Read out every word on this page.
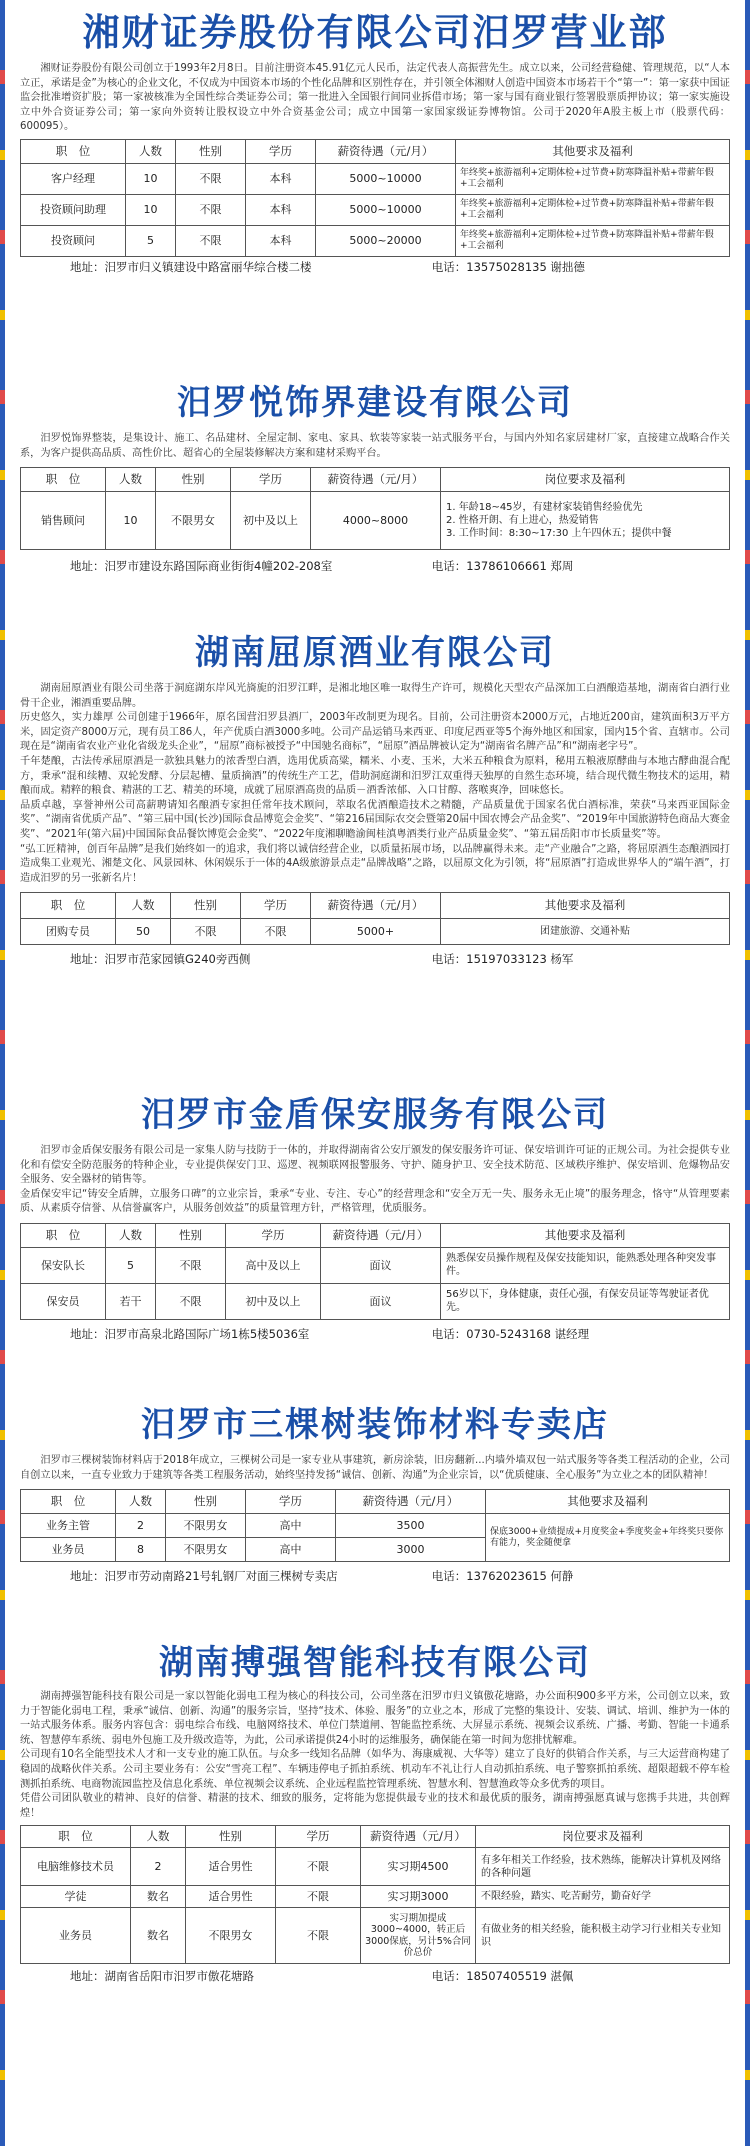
湘财证券股份有限公司汨罗营业部
湘财证券股份有限公司创立于1993年2月8日。目前注册资本45.91亿元人民币，法定代表人高振营先生。成立以来，公司经营稳健、管理规范，以“人本立正，承诺是金”为核心的企业文化，不仅成为中国资本市场的个性化品牌和区别性存在，并引领全体湘财人创造中国资本市场若干个“第一”：第一家获中国证监会批准增资扩股；第一家被核准为全国性综合类证券公司；第一批进入全国银行间同业拆借市场；第一家与国有商业银行签署股票质押协议；第一家实施设立中外合资证券公司；第一家向外资转让股权设立中外合资基金公司；成立中国第一家国家级证券博物馆。公司于2020年A股主板上市（股票代码：600095）。
职　位	人数	性别	学历	薪资待遇（元/月）	其他要求及福利
客户经理	10	不限	本科	5000~10000	年终奖+旅游福利+定期体检+过节费+防寒降温补贴+带薪年假+工会福利
投资顾问助理	10	不限	本科	5000~10000	年终奖+旅游福利+定期体检+过节费+防寒降温补贴+带薪年假+工会福利
投资顾问	5	不限	本科	5000~20000	年终奖+旅游福利+定期体检+过节费+防寒降温补贴+带薪年假+工会福利
地址：汨罗市归义镇建设中路富丽华综合楼二楼	电话：13575028135 谢拙德
汨罗悦饰界建设有限公司
汨罗悦饰界整装，是集设计、施工、名品建材、全屋定制、家电、家具、软装等家装一站式服务平台，与国内外知名家居建材厂家，直接建立战略合作关系，为客户提供高品质、高性价比、超省心的全屋装修解决方案和建材采购平台。
职　位	人数	性别	学历	薪资待遇（元/月）	岗位要求及福利
销售顾问	10	不限男女	初中及以上	4000~8000	1. 年龄18~45岁，有建材家装销售经验优先
2. 性格开朗、有上进心，热爱销售
3. 工作时间：8:30~17:30 上午四休五；提供中餐
地址：汨罗市建设东路国际商业街街4幢202-208室	电话：13786106661 郑周
湖南屈原酒业有限公司
湖南屈原酒业有限公司坐落于洞庭湖东岸风光旖旎的汨罗江畔，是湘北地区唯一取得生产许可，规模化天型农产品深加工白酒酿造基地，湖南省白酒行业骨干企业，湘酒重要品牌。
历史悠久，实力雄厚 公司创建于1966年，原名国营汨罗县酒厂，2003年改制更为现名。目前，公司注册资本2000万元，占地近200亩，建筑面积3万平方米，固定资产8000万元，现有员工86人，年产优质白酒3000多吨。公司产品运销马来西亚、印度尼西亚等5个海外地区和国家，国内15个省、直辖市。公司现在是“湖南省农业产业化省级龙头企业”，“屈原”商标被授予“中国驰名商标”，“屈原”酒品牌被认定为“湖南省名牌产品”和“湖南老字号”。
千年楚酿，古法传承屈原酒是一款独具魅力的浓香型白酒，选用优质高粱，糯米、小麦、玉米，大米五种粮食为原料，秘用五粮液原酵曲与本地古酵曲混合配方，秉承“混和续糟、双轮发酵、分层起槽、量质摘酒”的传统生产工艺，借助洞庭湖和汨罗江双重得天独厚的自然生态环境，结合现代微生物技术的运用，精酿而成。精粹的粮食、精湛的工艺、精美的环境，成就了屈原酒高贵的品质－酒香浓郁、入口甘醇、落喉爽净，回味悠长。
品质卓越，享誉神州公司高薪聘请知名酿酒专家担任常年技术顾问，萃取名优酒酿造技术之精髓，产品质量优于国家名优白酒标准，荣获“马来西亚国际金奖”、“湖南省优质产品”、“第三届中国(长沙)国际食品博览会金奖”、“第216届国际农交会暨第20届中国农博会产品金奖”、“2019年中国旅游特色商品大赛金奖”、“2021年(第六届)中国国际食品餐饮博览会金奖”、“2022年度湘聊瞻渝闽桂滇粤酒类行业产品质量金奖”、“第五届岳阳市市长质量奖”等。
“弘工匠精神，创百年品牌”是我们始终如一的追求，我们将以诚信经营企业，以质量拓展市场，以品牌赢得未来。走“产业融合”之路，将屈原酒生态酿酒园打造成集工业观光、湘楚文化、风景园林、休闲娱乐于一体的4A级旅游景点走“品牌战略”之路，以屈原文化为引领，将“屈原酒”打造成世界华人的“端午酒”，打造成汨罗的另一张新名片！
职　位	人数	性别	学历	薪资待遇（元/月）	其他要求及福利
团购专员	50	不限	不限	5000+	团建旅游、交通补贴
地址：汨罗市范家园镇G240旁西侧	电话：15197033123 杨军
汨罗市金盾保安服务有限公司
汨罗市金盾保安服务有限公司是一家集人防与技防于一体的，并取得湖南省公安厅颁发的保安服务许可证、保安培训许可证的正规公司。为社会提供专业化和有偿安全防范服务的特种企业，专业提供保安门卫、巡逻、视频联网报警服务、守护、随身护卫、安全技术防范、区域秩序维护、保安培训、危爆物品安全服务、安全器材的销售等。
金盾保安牢记“铸安全盾牌，立服务口碑”的立业宗旨，秉承“专业、专注、专心”的经营理念和“安全万无一失、服务永无止境”的服务理念，恪守“从管理要素质、从素质夺信誉、从信誉赢客户，从服务创效益”的质量管理方针，严格管理，优质服务。
职　位	人数	性别	学历	薪资待遇（元/月）	其他要求及福利
保安队长	5	不限	高中及以上	面议	熟悉保安员操作规程及保安技能知识，能熟悉处理各种突发事件。
保安员	若干	不限	初中及以上	面议	56岁以下，身体健康，责任心强，有保安员证等驾驶证者优先。
地址：汨罗市高泉北路国际广场1栋5楼5036室	电话：0730-5243168 谌经理
汨罗市三棵树装饰材料专卖店
汨罗市三棵树装饰材料店于2018年成立，三棵树公司是一家专业从事建筑，新房涂装，旧房翻新...内墙外墙双包一站式服务等各类工程活动的企业，公司自创立以来，一直专业致力于建筑等各类工程服务活动，始终坚持发扬“诚信、创新、沟通”为企业宗旨，以“优质健康、全心服务”为立业之本的团队精神！
职　位	人数	性别	学历	薪资待遇（元/月）	其他要求及福利
业务主管	2	不限男女	高中	3500	保底3000+业绩提成+月度奖金+季度奖金+年终奖只要你有能力，奖金随便拿
业务员	8	不限男女	高中	3000	
地址：汨罗市劳动南路21号轧钢厂对面三棵树专卖店	电话：13762023615 何静
湖南搏强智能科技有限公司
湖南搏强智能科技有限公司是一家以智能化弱电工程为核心的科技公司，公司坐落在汨罗市归义镇傲花塘路，办公面积900多平方米，公司创立以来，致力于智能化弱电工程，秉承“诚信、创新、沟通”的服务宗旨，坚持“技术、体验、服务”的立业之本，形成了完整的集设计、安装、调试、培训、维护为一体的一站式服务体系。服务内容包含：弱电综合布线、电脑网络技术、单位门禁道闸、智能监控系统、大屏显示系统、视频会议系统、广播、考勤、智能一卡通系统、智慧停车系统、弱电外包施工及升级改造等，为此，公司承诺提供24小时的运维服务，确保能在第一时间为您排忧解难。
公司现有10名全能型技术人才和一支专业的施工队伍。与众多一线知名品牌（如华为、海康威视、大华等）建立了良好的供销合作关系，与三大运营商构建了稳固的战略伙伴关系。公司主要业务有：公安“雪亮工程”、车辆违停电子抓拍系统、机动车不礼让行人自动抓拍系统、电子警察抓拍系统、超限超载不停车检测抓拍系统、电商物流园监控及信息化系统、单位视频会议系统、企业远程监控管理系统、智慧水利、智慧渔政等众多优秀的项目。
凭借公司团队敬业的精神、良好的信誉、精湛的技术、细致的服务，定将能为您提供最专业的技术和最优质的服务，湖南搏强愿真诚与您携手共进，共创辉煌！
职　位	人数	性别	学历	薪资待遇（元/月）	岗位要求及福利
电脑维修技术员	2	适合男性	不限	实习期4500	有多年相关工作经验，技术熟练，能解决计算机及网络的各种问题
学徒	数名	适合男性	不限	实习期3000	不限经验，踏实、吃苦耐劳，勤奋好学
业务员	数名	不限男女	不限	实习期加提成3000~4000，转正后3000保底，另计5%合同价总价	有做业务的相关经验，能积极主动学习行业相关专业知识
地址：湖南省岳阳市汨罗市傲花塘路	电话：18507405519 湛佩
